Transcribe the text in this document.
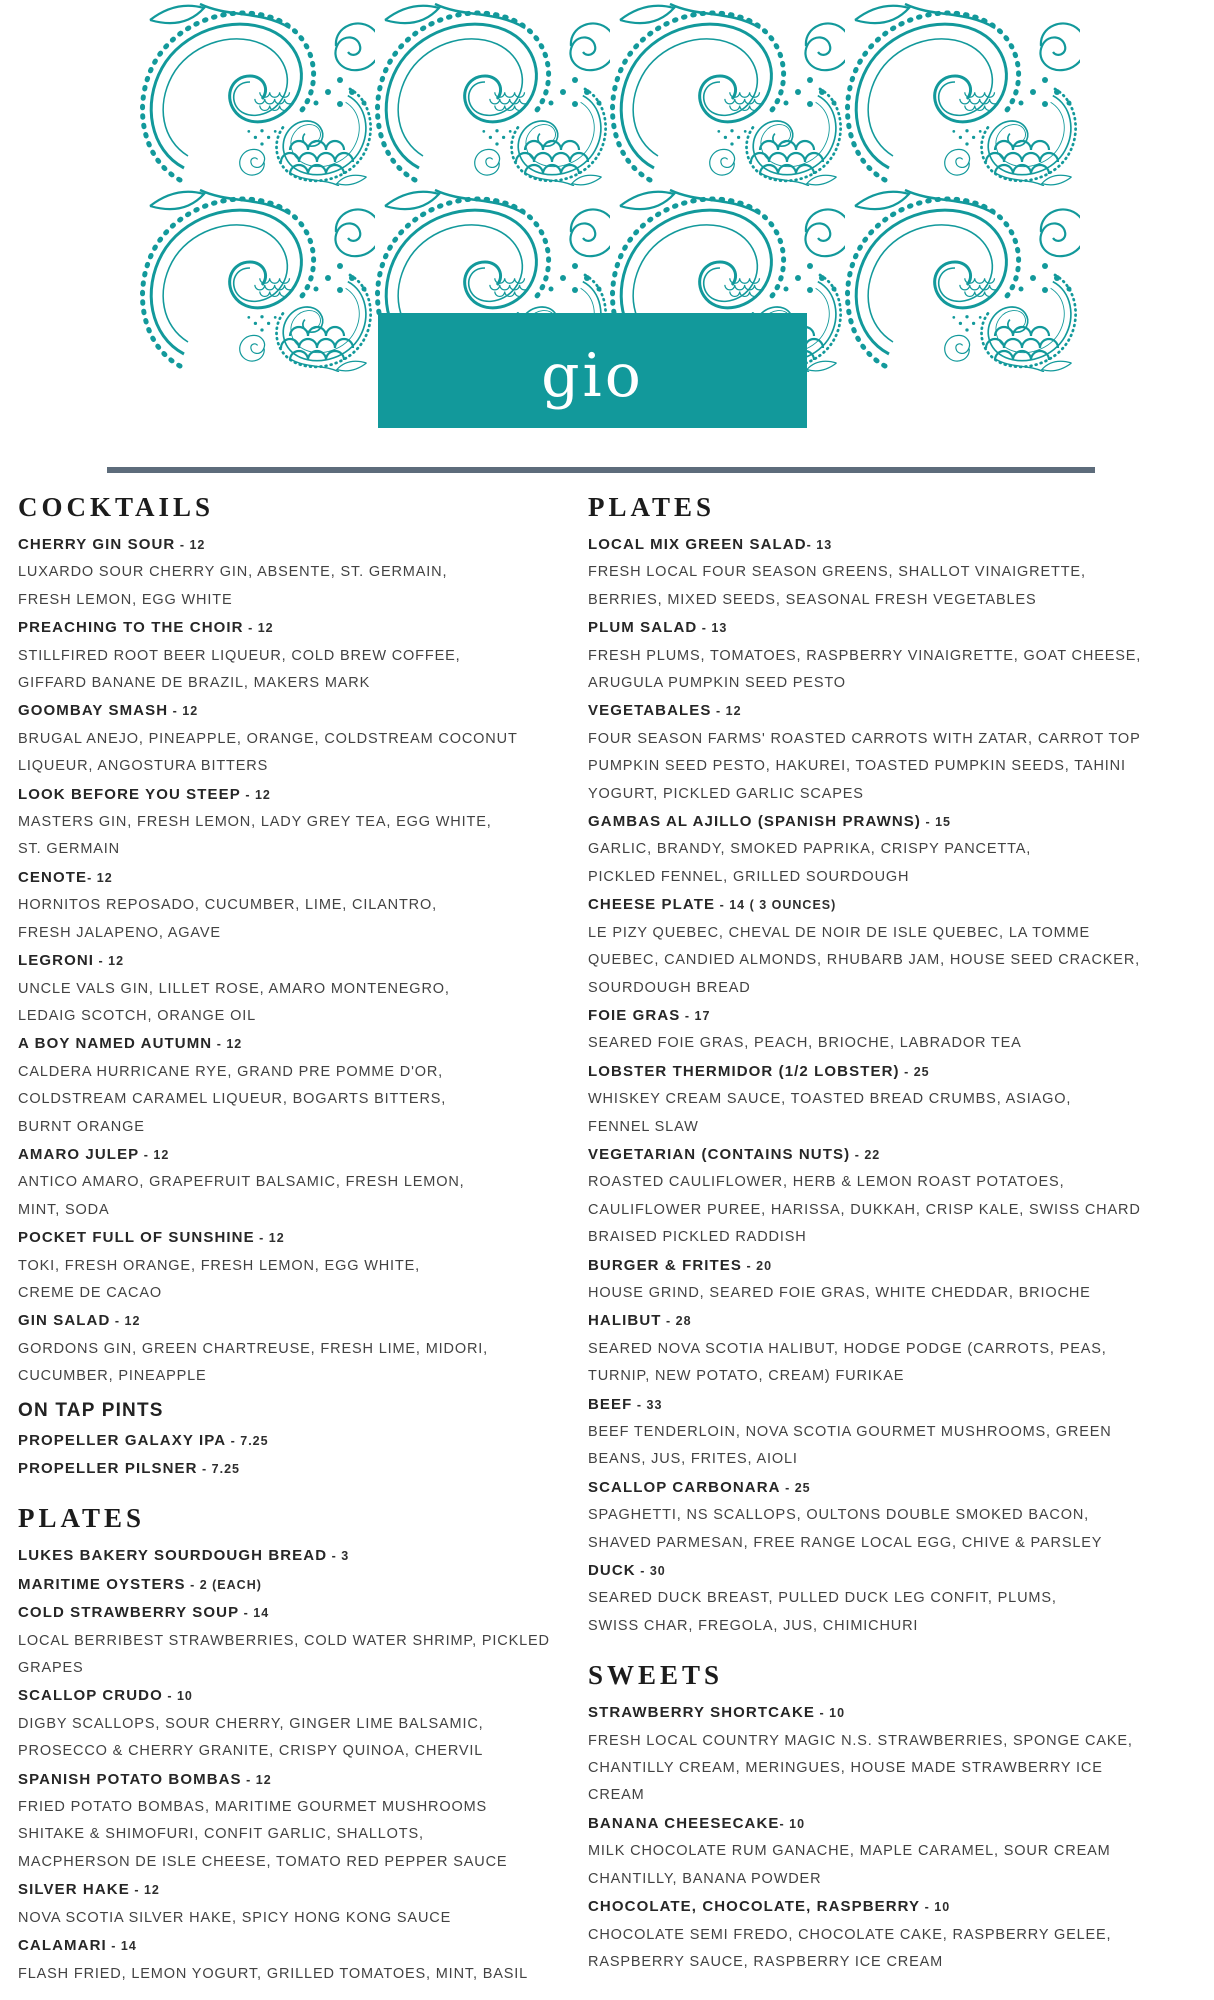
gio
COCKTAILS
CHERRY GIN SOUR - 12
LUXARDO SOUR CHERRY GIN, ABSENTE, ST. GERMAIN,
FRESH LEMON, EGG WHITE
PREACHING TO THE CHOIR - 12
STILLFIRED ROOT BEER LIQUEUR, COLD BREW COFFEE,
GIFFARD BANANE DE BRAZIL, MAKERS MARK
GOOMBAY SMASH - 12
BRUGAL ANEJO, PINEAPPLE, ORANGE, COLDSTREAM COCONUT
LIQUEUR, ANGOSTURA BITTERS
LOOK BEFORE YOU STEEP - 12
MASTERS GIN, FRESH LEMON, LADY GREY TEA, EGG WHITE,
ST. GERMAIN
CENOTE- 12
HORNITOS REPOSADO, CUCUMBER, LIME, CILANTRO,
FRESH JALAPENO, AGAVE
LEGRONI - 12
UNCLE VALS GIN, LILLET ROSE, AMARO MONTENEGRO,
LEDAIG SCOTCH, ORANGE OIL
A BOY NAMED AUTUMN - 12
CALDERA HURRICANE RYE, GRAND PRE POMME D'OR,
COLDSTREAM CARAMEL LIQUEUR, BOGARTS BITTERS,
BURNT ORANGE
AMARO JULEP - 12
ANTICO AMARO, GRAPEFRUIT BALSAMIC, FRESH LEMON,
MINT, SODA
POCKET FULL OF SUNSHINE - 12
TOKI, FRESH ORANGE, FRESH LEMON, EGG WHITE,
CREME DE CACAO
GIN SALAD - 12
GORDONS GIN, GREEN CHARTREUSE, FRESH LIME, MIDORI,
CUCUMBER, PINEAPPLE
ON TAP PINTS
PROPELLER GALAXY IPA - 7.25
PROPELLER PILSNER - 7.25
PLATES
LUKES BAKERY SOURDOUGH BREAD - 3
MARITIME OYSTERS - 2 (EACH)
COLD STRAWBERRY SOUP - 14
LOCAL BERRIBEST STRAWBERRIES, COLD WATER SHRIMP, PICKLED
GRAPES
SCALLOP CRUDO - 10
DIGBY SCALLOPS, SOUR CHERRY, GINGER LIME BALSAMIC,
PROSECCO & CHERRY GRANITE, CRISPY QUINOA, CHERVIL
SPANISH POTATO BOMBAS - 12
FRIED POTATO BOMBAS, MARITIME GOURMET MUSHROOMS
SHITAKE & SHIMOFURI, CONFIT GARLIC, SHALLOTS,
MACPHERSON DE ISLE CHEESE, TOMATO RED PEPPER SAUCE
SILVER HAKE - 12
NOVA SCOTIA SILVER HAKE, SPICY HONG KONG SAUCE
CALAMARI - 14
FLASH FRIED, LEMON YOGURT, GRILLED TOMATOES, MINT, BASIL
PLATES
LOCAL MIX GREEN SALAD- 13
FRESH LOCAL FOUR SEASON GREENS, SHALLOT VINAIGRETTE,
BERRIES, MIXED SEEDS, SEASONAL FRESH VEGETABLES
PLUM SALAD - 13
FRESH PLUMS, TOMATOES, RASPBERRY VINAIGRETTE, GOAT CHEESE,
ARUGULA PUMPKIN SEED PESTO
VEGETABALES - 12
FOUR SEASON FARMS' ROASTED CARROTS WITH ZATAR, CARROT TOP
PUMPKIN SEED PESTO, HAKUREI, TOASTED PUMPKIN SEEDS, TAHINI
YOGURT, PICKLED GARLIC SCAPES
GAMBAS AL AJILLO (SPANISH PRAWNS) - 15
GARLIC, BRANDY, SMOKED PAPRIKA, CRISPY PANCETTA,
PICKLED FENNEL, GRILLED SOURDOUGH
CHEESE PLATE - 14 ( 3 OUNCES)
LE PIZY QUEBEC, CHEVAL DE NOIR DE ISLE QUEBEC, LA TOMME
QUEBEC, CANDIED ALMONDS, RHUBARB JAM, HOUSE SEED CRACKER,
SOURDOUGH BREAD
FOIE GRAS - 17
SEARED FOIE GRAS, PEACH, BRIOCHE, LABRADOR TEA
LOBSTER THERMIDOR (1/2 LOBSTER) - 25
WHISKEY CREAM SAUCE, TOASTED BREAD CRUMBS, ASIAGO,
FENNEL SLAW
VEGETARIAN (CONTAINS NUTS) - 22
ROASTED CAULIFLOWER, HERB & LEMON ROAST POTATOES,
CAULIFLOWER PUREE, HARISSA, DUKKAH, CRISP KALE, SWISS CHARD
BRAISED PICKLED RADDISH
BURGER & FRITES - 20
HOUSE GRIND, SEARED FOIE GRAS, WHITE CHEDDAR, BRIOCHE
HALIBUT - 28
SEARED NOVA SCOTIA HALIBUT, HODGE PODGE (CARROTS, PEAS,
TURNIP, NEW POTATO, CREAM) FURIKAE
BEEF - 33
BEEF TENDERLOIN, NOVA SCOTIA GOURMET MUSHROOMS, GREEN
BEANS, JUS, FRITES, AIOLI
SCALLOP CARBONARA - 25
SPAGHETTI, NS SCALLOPS, OULTONS DOUBLE SMOKED BACON,
SHAVED PARMESAN, FREE RANGE LOCAL EGG, CHIVE & PARSLEY
DUCK - 30
SEARED DUCK BREAST, PULLED DUCK LEG CONFIT, PLUMS,
SWISS CHAR, FREGOLA, JUS, CHIMICHURI
SWEETS
STRAWBERRY SHORTCAKE - 10
FRESH LOCAL COUNTRY MAGIC N.S. STRAWBERRIES, SPONGE CAKE,
CHANTILLY CREAM, MERINGUES, HOUSE MADE STRAWBERRY ICE
CREAM
BANANA CHEESECAKE- 10
MILK CHOCOLATE RUM GANACHE, MAPLE CARAMEL, SOUR CREAM
CHANTILLY, BANANA POWDER
CHOCOLATE, CHOCOLATE, RASPBERRY - 10
CHOCOLATE SEMI FREDO, CHOCOLATE CAKE, RASPBERRY GELEE,
RASPBERRY SAUCE, RASPBERRY ICE CREAM
